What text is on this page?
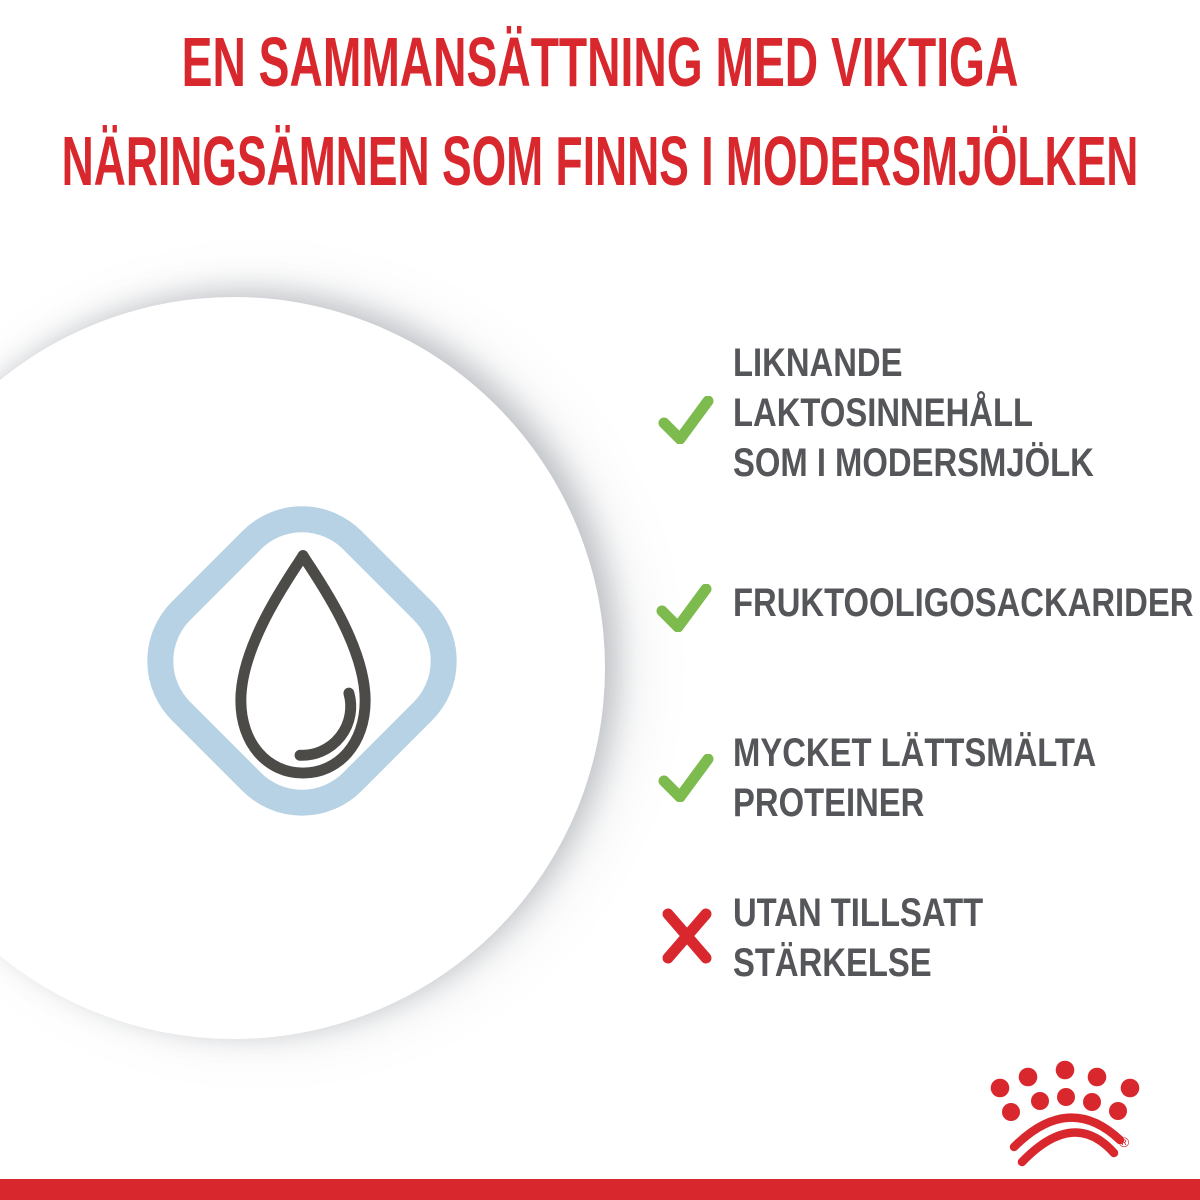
EN SAMMANSÄTTNING MED VIKTIGA
NÄRINGSÄMNEN SOM FINNS I MODERSMJÖLKEN
LIKNANDE
LAKTOSINNEHÅLL
SOM I MODERSMJÖLK
FRUKTOOLIGOSACKARIDER
MYCKET LÄTTSMÄLTA
PROTEINER
UTAN TILLSATT
STÄRKELSE
®
